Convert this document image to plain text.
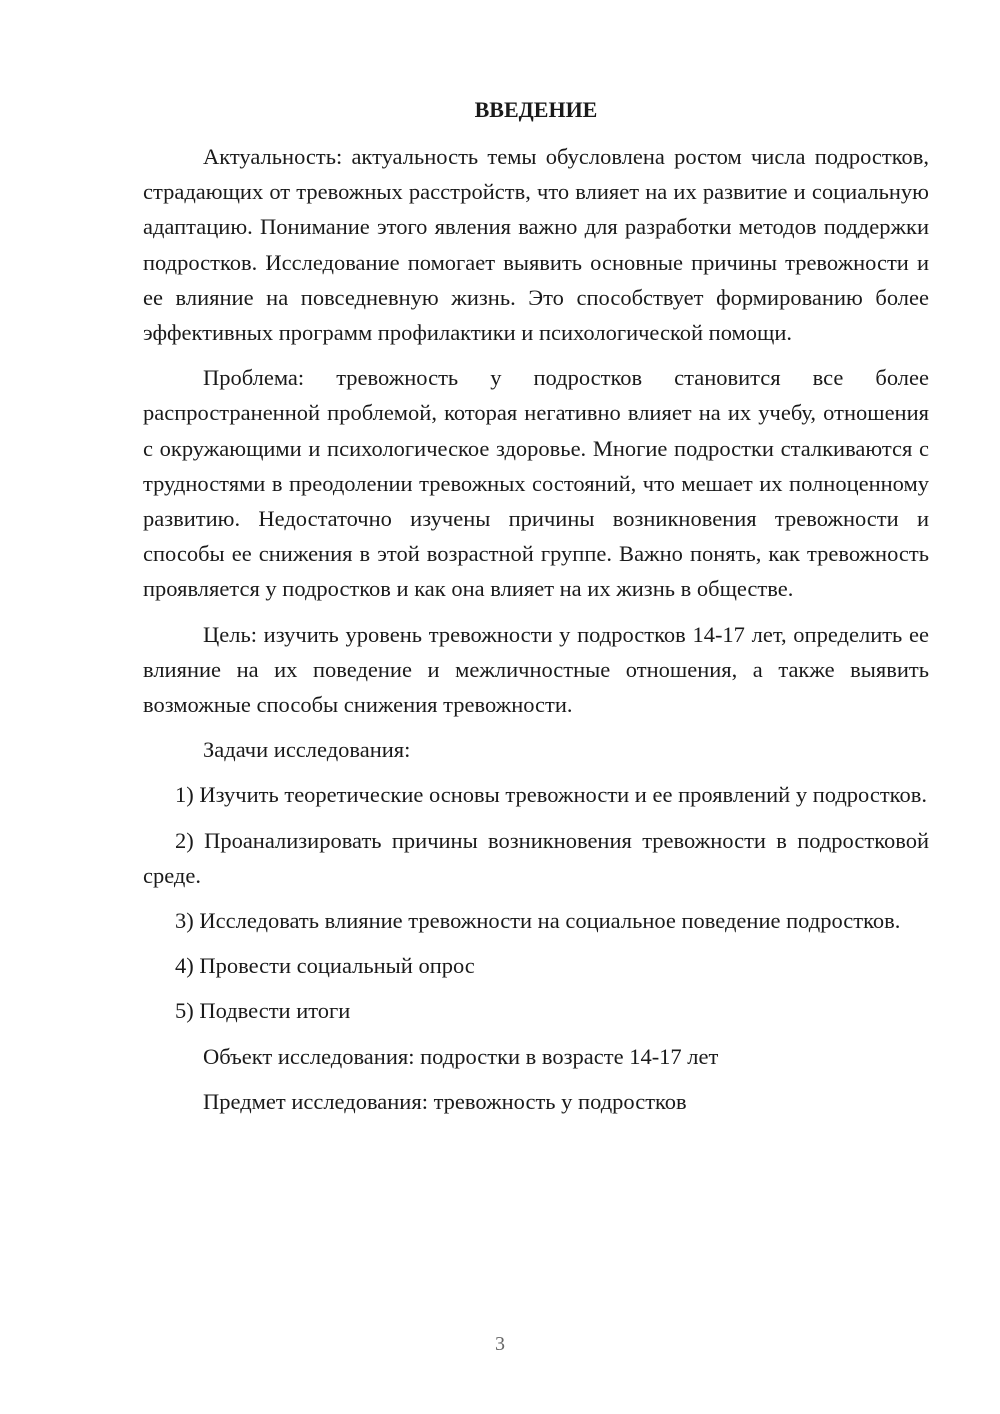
ВВЕДЕНИЕ

Актуальность: актуальность темы обусловлена ростом числа подростков, страдающих от тревожных расстройств, что влияет на их развитие и социальную адаптацию. Понимание этого явления важно для разработки методов поддержки подростков. Исследование помогает выявить основные причины тревожности и ее влияние на повседневную жизнь. Это способствует формированию более эффективных программ профилактики и психологической помощи.

Проблема: тревожность у подростков становится все более распространенной проблемой, которая негативно влияет на их учебу, отношения с окружающими и психологическое здоровье. Многие подростки сталкиваются с трудностями в преодолении тревожных состояний, что мешает их полноценному развитию. Недостаточно изучены причины возникновения тревожности и способы ее снижения в этой возрастной группе. Важно понять, как тревожность проявляется у подростков и как она влияет на их жизнь в обществе.

Цель: изучить уровень тревожности у подростков 14-17 лет, определить ее влияние на их поведение и межличностные отношения, а также выявить возможные способы снижения тревожности.

Задачи исследования:

1) Изучить теоретические основы тревожности и ее проявлений у подростков.

2) Проанализировать причины возникновения тревожности в подростковой среде.

3) Исследовать влияние тревожности на социальное поведение подростков.

4) Провести социальный опрос

5) Подвести итоги

Объект исследования: подростки в возрасте 14-17 лет

Предмет исследования: тревожность у подростков

3
